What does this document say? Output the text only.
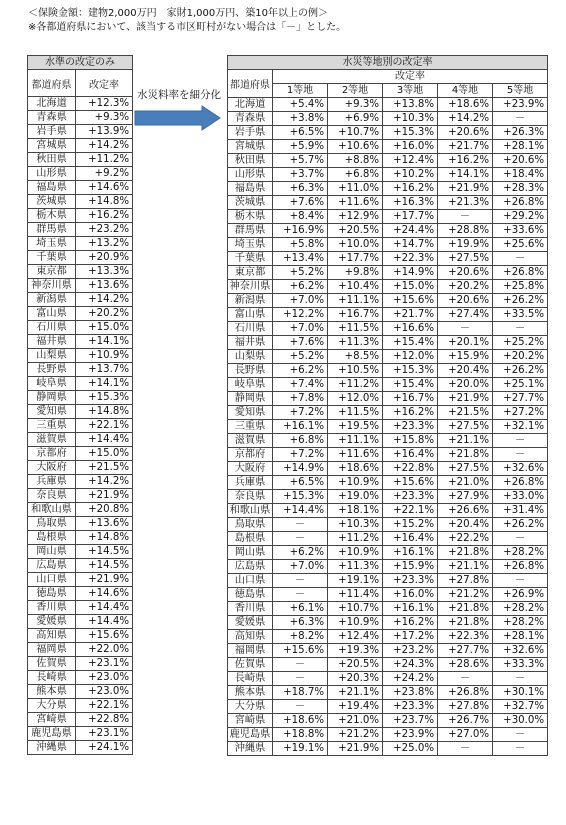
＜保険金額：建物2,000万円　家財1,000万円、築10年以上の例＞
※各都道府県において、該当する市区町村がない場合は「－」とした。
水準の改定のみ	
都道府県	改定率
北海道	+12.3%
青森県	+9.3%
岩手県	+13.9%
宮城県	+14.2%
秋田県	+11.2%
山形県	+9.2%
福島県	+14.6%
茨城県	+14.8%
栃木県	+16.2%
群馬県	+23.2%
埼玉県	+13.2%
千葉県	+20.9%
東京都	+13.3%
神奈川県	+13.6%
新潟県	+14.2%
富山県	+20.2%
石川県	+15.0%
福井県	+14.1%
山梨県	+10.9%
長野県	+13.7%
岐阜県	+14.1%
静岡県	+15.3%
愛知県	+14.8%
三重県	+22.1%
滋賀県	+14.4%
京都府	+15.0%
大阪府	+21.5%
兵庫県	+14.2%
奈良県	+21.9%
和歌山県	+20.8%
鳥取県	+13.6%
島根県	+14.8%
岡山県	+14.5%
広島県	+14.5%
山口県	+21.9%
徳島県	+14.6%
香川県	+14.4%
愛媛県	+14.4%
高知県	+15.6%
福岡県	+22.0%
佐賀県	+23.1%
長崎県	+23.0%
熊本県	+23.0%
大分県	+22.1%
宮崎県	+22.8%
鹿児島県	+23.1%
沖縄県	+24.1%
水災料率を細分化
水災等地別の改定率					
都道府県	改定率				
	1等地	2等地	3等地	4等地	5等地
北海道	+5.4%	+9.3%	+13.8%	+18.6%	+23.9%
青森県	+3.8%	+6.9%	+10.3%	+14.2%	－
岩手県	+6.5%	+10.7%	+15.3%	+20.6%	+26.3%
宮城県	+5.9%	+10.6%	+16.0%	+21.7%	+28.1%
秋田県	+5.7%	+8.8%	+12.4%	+16.2%	+20.6%
山形県	+3.7%	+6.8%	+10.2%	+14.1%	+18.4%
福島県	+6.3%	+11.0%	+16.2%	+21.9%	+28.3%
茨城県	+7.6%	+11.6%	+16.3%	+21.3%	+26.8%
栃木県	+8.4%	+12.9%	+17.7%	－	+29.2%
群馬県	+16.9%	+20.5%	+24.4%	+28.8%	+33.6%
埼玉県	+5.8%	+10.0%	+14.7%	+19.9%	+25.6%
千葉県	+13.4%	+17.7%	+22.3%	+27.5%	－
東京都	+5.2%	+9.8%	+14.9%	+20.6%	+26.8%
神奈川県	+6.2%	+10.4%	+15.0%	+20.2%	+25.8%
新潟県	+7.0%	+11.1%	+15.6%	+20.6%	+26.2%
富山県	+12.2%	+16.7%	+21.7%	+27.4%	+33.5%
石川県	+7.0%	+11.5%	+16.6%	－	－
福井県	+7.6%	+11.3%	+15.4%	+20.1%	+25.2%
山梨県	+5.2%	+8.5%	+12.0%	+15.9%	+20.2%
長野県	+6.2%	+10.5%	+15.3%	+20.4%	+26.2%
岐阜県	+7.4%	+11.2%	+15.4%	+20.0%	+25.1%
静岡県	+7.8%	+12.0%	+16.7%	+21.9%	+27.7%
愛知県	+7.2%	+11.5%	+16.2%	+21.5%	+27.2%
三重県	+16.1%	+19.5%	+23.3%	+27.5%	+32.1%
滋賀県	+6.8%	+11.1%	+15.8%	+21.1%	－
京都府	+7.2%	+11.6%	+16.4%	+21.8%	－
大阪府	+14.9%	+18.6%	+22.8%	+27.5%	+32.6%
兵庫県	+6.5%	+10.9%	+15.6%	+21.0%	+26.8%
奈良県	+15.3%	+19.0%	+23.3%	+27.9%	+33.0%
和歌山県	+14.4%	+18.1%	+22.1%	+26.6%	+31.4%
鳥取県	－	+10.3%	+15.2%	+20.4%	+26.2%
島根県	－	+11.2%	+16.4%	+22.2%	－
岡山県	+6.2%	+10.9%	+16.1%	+21.8%	+28.2%
広島県	+7.0%	+11.3%	+15.9%	+21.1%	+26.8%
山口県	－	+19.1%	+23.3%	+27.8%	－
徳島県	－	+11.4%	+16.0%	+21.2%	+26.9%
香川県	+6.1%	+10.7%	+16.1%	+21.8%	+28.2%
愛媛県	+6.3%	+10.9%	+16.2%	+21.8%	+28.2%
高知県	+8.2%	+12.4%	+17.2%	+22.3%	+28.1%
福岡県	+15.6%	+19.3%	+23.2%	+27.7%	+32.6%
佐賀県	－	+20.5%	+24.3%	+28.6%	+33.3%
長崎県	－	+20.3%	+24.2%	－	－
熊本県	+18.7%	+21.1%	+23.8%	+26.8%	+30.1%
大分県	－	+19.4%	+23.3%	+27.8%	+32.7%
宮崎県	+18.6%	+21.0%	+23.7%	+26.7%	+30.0%
鹿児島県	+18.8%	+21.2%	+23.9%	+27.0%	－
沖縄県	+19.1%	+21.9%	+25.0%	－	－
